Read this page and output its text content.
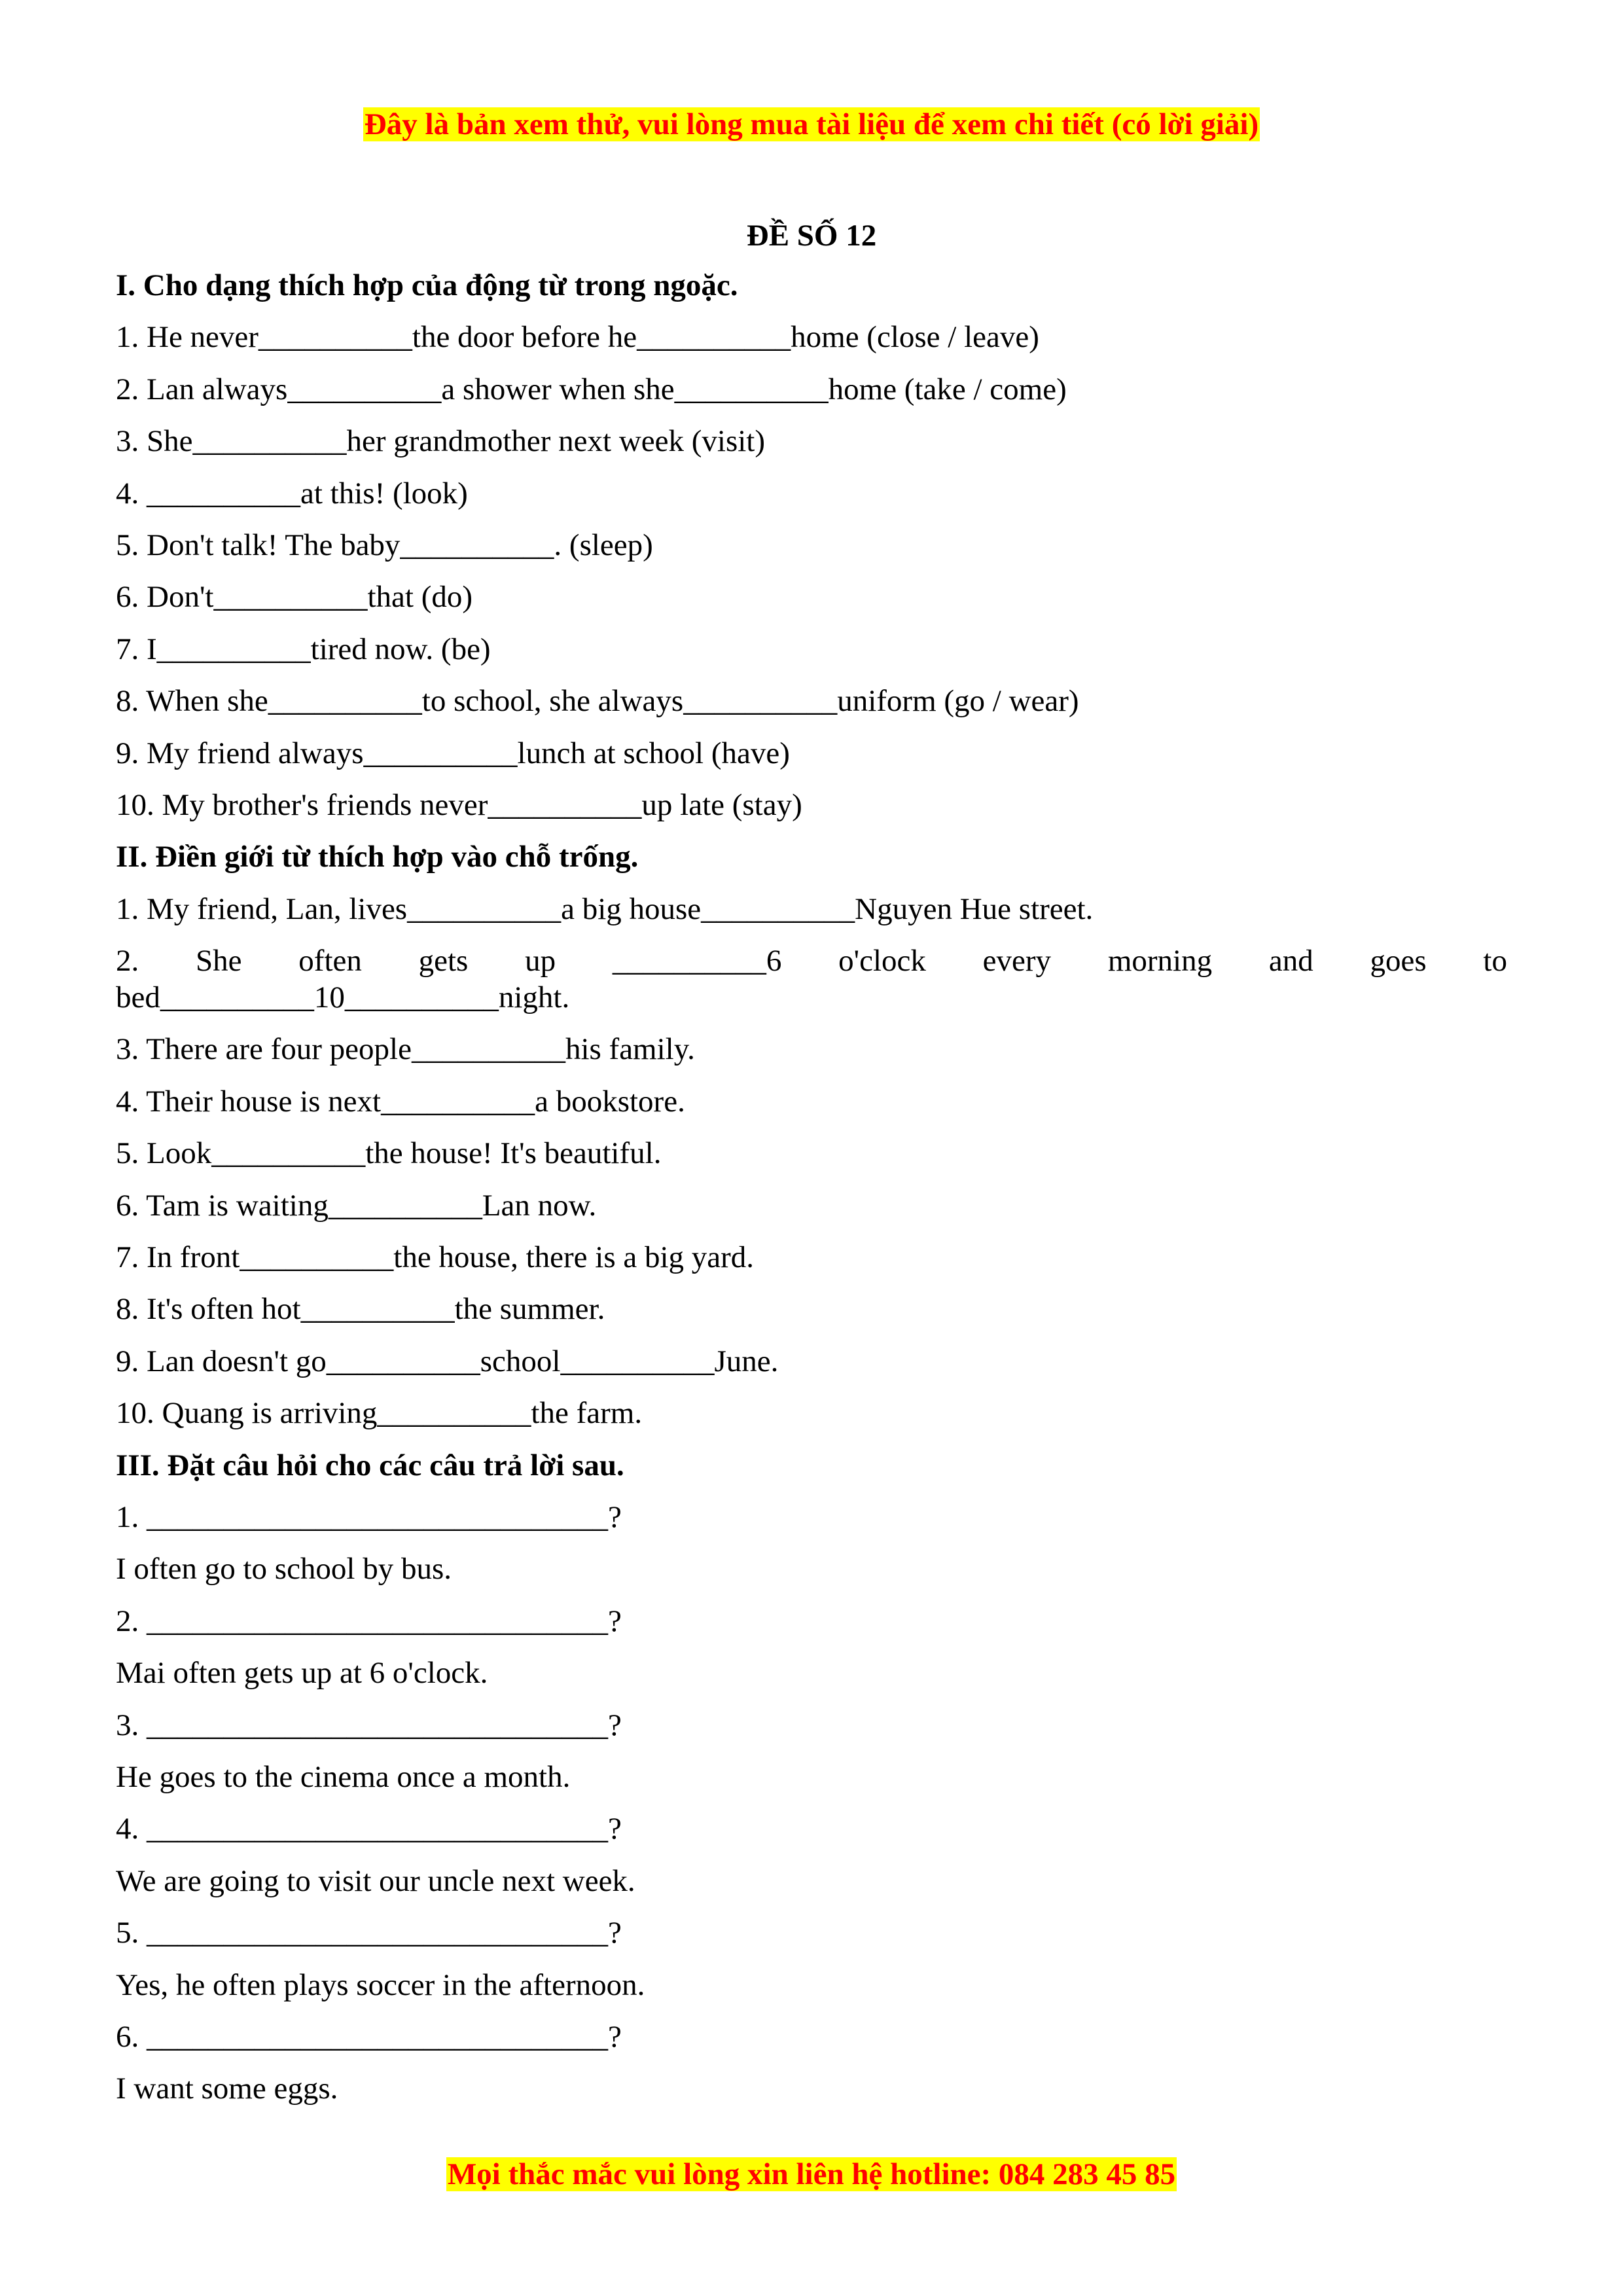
Đây là bản xem thử, vui lòng mua tài liệu để xem chi tiết (có lời giải)
ĐỀ SỐ 12
I. Cho dạng thích hợp của động từ trong ngoặc.
1. He never__________the door before he__________home (close / leave)
2. Lan always__________a shower when she__________home (take / come)
3. She__________her grandmother next week (visit)
4. __________at this! (look)
5. Don't talk! The baby__________. (sleep)
6. Don't__________that (do)
7. I__________tired now. (be)
8. When she__________to school, she always__________uniform (go / wear)
9. My friend always__________lunch at school (have)
10. My brother's friends never__________up late (stay)
II. Điền giới từ thích hợp vào chỗ trống.
1. My friend, Lan, lives__________a big house__________Nguyen Hue street.
2. She often gets up __________6 o'clock every morning and goes to
bed__________10__________night.
3. There are four people__________his family.
4. Their house is next__________a bookstore.
5. Look__________the house! It's beautiful.
6. Tam is waiting__________Lan now.
7. In front__________the house, there is a big yard.
8. It's often hot__________the summer.
9. Lan doesn't go__________school__________June.
10. Quang is arriving__________the farm.
III. Đặt câu hỏi cho các câu trả lời sau.
1. ______________________________?
I often go to school by bus.
2. ______________________________?
Mai often gets up at 6 o'clock.
3. ______________________________?
He goes to the cinema once a month.
4. ______________________________?
We are going to visit our uncle next week.
5. ______________________________?
Yes, he often plays soccer in the afternoon.
6. ______________________________?
I want some eggs.
Mọi thắc mắc vui lòng xin liên hệ hotline: 084 283 45 85
